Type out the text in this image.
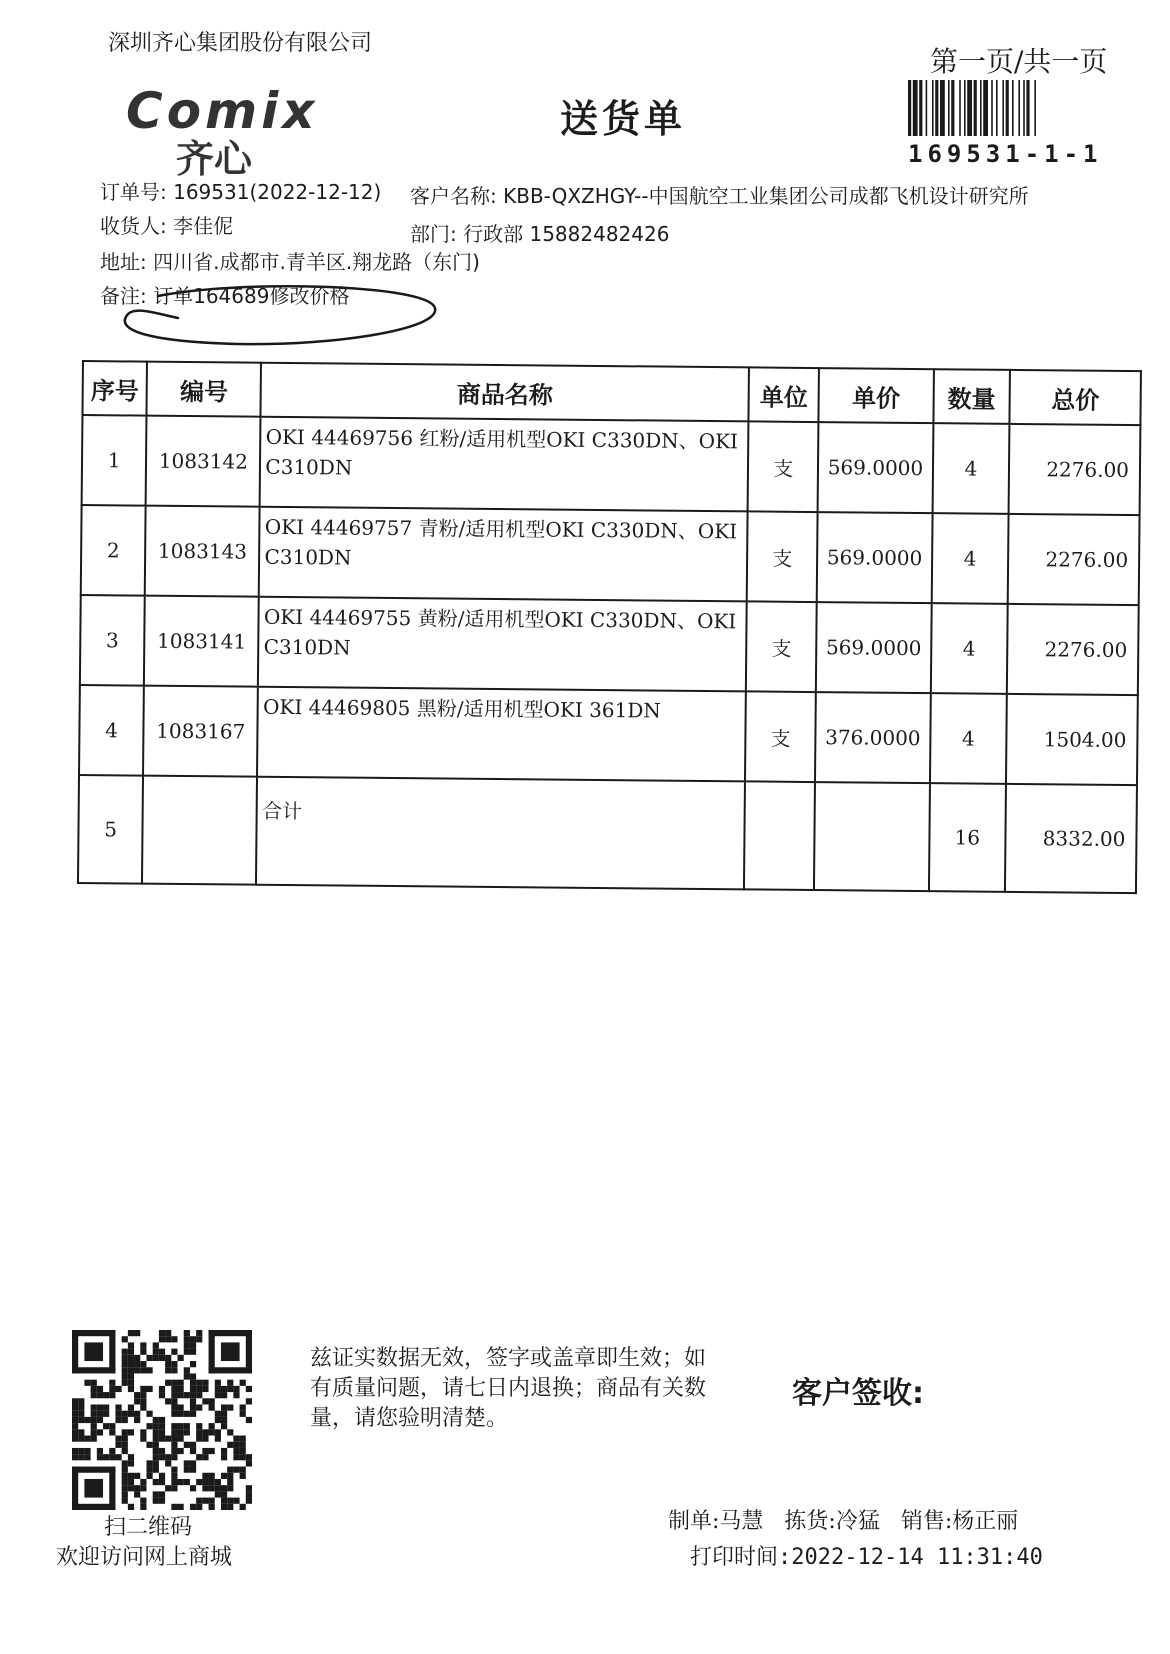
深圳齐心集团股份有限公司
第一页/共一页
Comix
齐心
送货单
169531-1-1
订单号: 169531(2022-12-12) 客户名称: KBB-QXZHGY--中国航空工业集团公司成都飞机设计研究所
收货人: 李佳伲	部门: 行政部 15882482426
地址: 四川省.成都市.青羊区.翔龙路（东门)
备注: 订单164689修改价格
序号	编号	商品名称	单位	单价	数量	总价
1	1083142	OKI 44469756 红粉/适用机型OKI C330DN、OKI C310DN	支	569.0000	4	2276.00
2	1083143	OKI 44469757 青粉/适用机型OKI C330DN、OKI C310DN	支	569.0000	4	2276.00
3	1083141	OKI 44469755 黄粉/适用机型OKI C330DN、OKI C310DN	支	569.0000	4	2276.00
4	1083167	OKI 44469805 黑粉/适用机型OKI 361DN	支	376.0000	4	1504.00
5		合计			16	8332.00
扫二维码
欢迎访问网上商城
兹证实数据无效，签字或盖章即生效；如有质量问题，请七日内退换；商品有关数量，请您验明清楚。
客户签收:
制单:马慧 拣货:冷猛 销售:杨正丽
打印时间:2022-12-14 11:31:40
